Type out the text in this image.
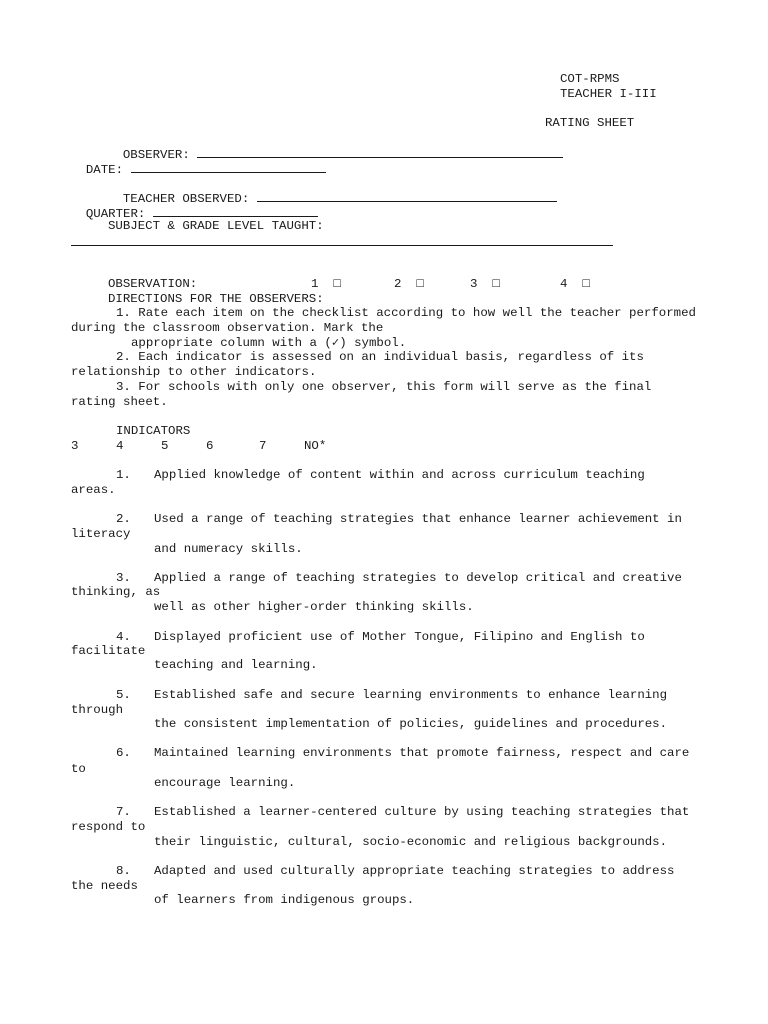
COT-RPMS
TEACHER I-III
RATING SHEET

OBSERVER:

DATE:

TEACHER OBSERVED:

QUARTER:

SUBJECT & GRADE LEVEL TAUGHT:
OBSERVATION:	1 □	2 □	3 □	4 □
DIRECTIONS FOR THE OBSERVERS:
1. Rate each item on the checklist according to how well the teacher performed
during the classroom observation. Mark the
appropriate column with a (✓) symbol.
2. Each indicator is assessed on an individual basis, regardless of its
relationship to other indicators.
3. For schools with only one observer, this form will serve as the final
rating sheet.
INDICATORS
3	4	5	6	7	NO*
1. Applied knowledge of content within and across curriculum teaching
areas.
2. Used a range of teaching strategies that enhance learner achievement in
literacy
and numeracy skills.
3. Applied a range of teaching strategies to develop critical and creative
thinking, as
well as other higher-order thinking skills.
4. Displayed proficient use of Mother Tongue, Filipino and English to
facilitate
teaching and learning.
5. Established safe and secure learning environments to enhance learning
through
the consistent implementation of policies, guidelines and procedures.
6. Maintained learning environments that promote fairness, respect and care
to
encourage learning.
7. Established a learner-centered culture by using teaching strategies that
respond to
their linguistic, cultural, socio-economic and religious backgrounds.
8. Adapted and used culturally appropriate teaching strategies to address
the needs
of learners from indigenous groups.
